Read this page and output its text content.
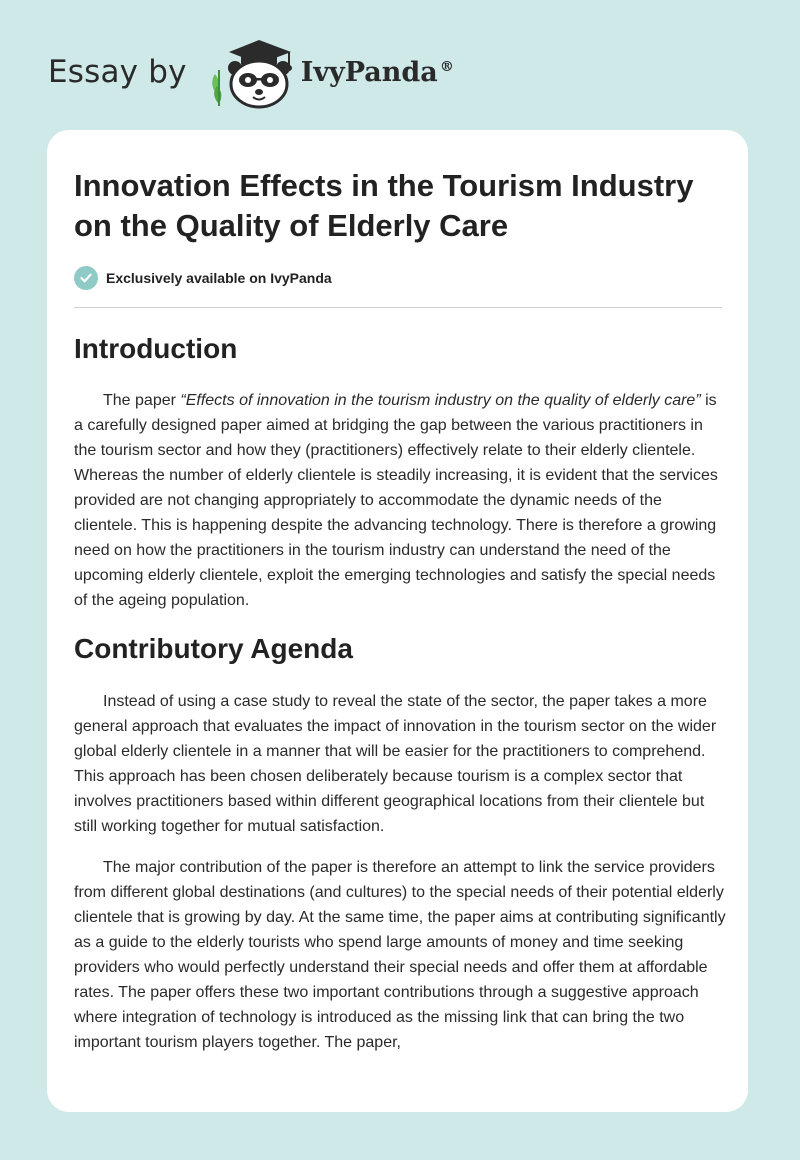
Essay by	IvyPanda ®
Innovation Effects in the Tourism Industry on the Quality of Elderly Care
Exclusively available on IvyPanda
Introduction

The paper “Effects of innovation in the tourism industry on the quality of elderly care” is a carefully designed paper aimed at bridging the gap between the various practitioners in the tourism sector and how they (practitioners) effectively relate to their elderly clientele. Whereas the number of elderly clientele is steadily increasing, it is evident that the services provided are not changing appropriately to accommodate the dynamic needs of the clientele. This is happening despite the advancing technology. There is therefore a growing need on how the practitioners in the tourism industry can understand the need of the upcoming elderly clientele, exploit the emerging technologies and satisfy the special needs of the ageing population.

Contributory Agenda

Instead of using a case study to reveal the state of the sector, the paper takes a more general approach that evaluates the impact of innovation in the tourism sector on the wider global elderly clientele in a manner that will be easier for the practitioners to comprehend. This approach has been chosen deliberately because tourism is a complex sector that involves practitioners based within different geographical locations from their clientele but still working together for mutual satisfaction.

The major contribution of the paper is therefore an attempt to link the service providers from different global destinations (and cultures) to the special needs of their potential elderly clientele that is growing by day. At the same time, the paper aims at contributing significantly as a guide to the elderly tourists who spend large amounts of money and time seeking providers who would perfectly understand their special needs and offer them at affordable rates. The paper offers these two important contributions through a suggestive approach where integration of technology is introduced as the missing link that can bring the two important tourism players together. The paper,
